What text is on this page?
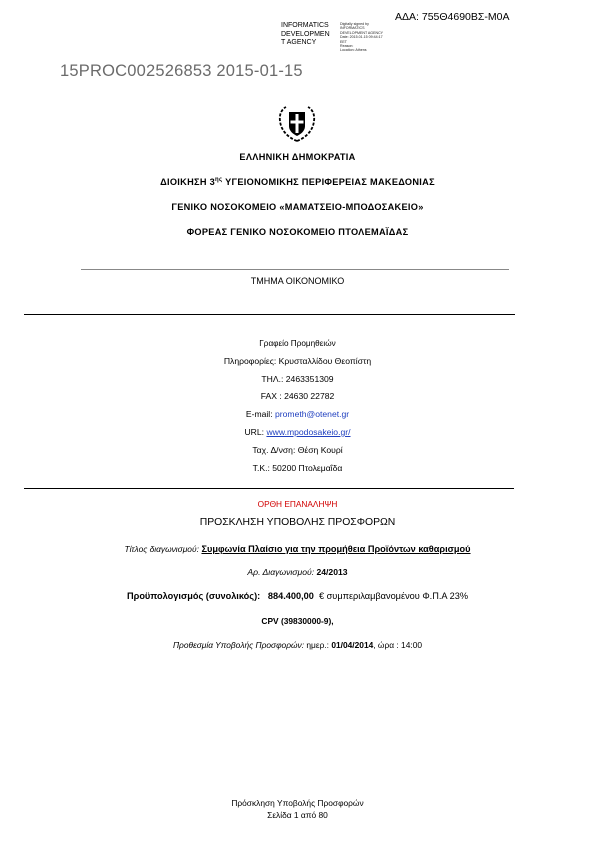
ΑΔΑ: 755Θ4690ΒΣ-Μ0Α
INFORMATICS
DEVELOPMEN
T AGENCY
Digitally signed by
INFORMATICS
DEVELOPMENT AGENCY
Date: 2015.01.15 09:44:17
EET
Reason:
Location: Athens
15PROC002526853 2015-01-15
ΕΛΛΗΝΙΚΗ ΔΗΜΟΚΡΑΤΙΑ
ΔΙΟΙΚΗΣΗ $3^{\eta\varsigma}$ ΥΓΕΙΟΝΟΜΙΚΗΣ ΠΕΡΙΦΕΡΕΙΑΣ ΜΑΚΕΔΟΝΙΑΣ
ΓΕΝΙΚΟ ΝΟΣΟΚΟΜΕΙΟ «ΜΑΜΑΤΣΕΙΟ-ΜΠΟΔΟΣΑΚΕΙΟ»
ΦΟΡΕΑΣ ΓΕΝΙΚΟ ΝΟΣΟΚΟΜΕΙΟ ΠΤΟΛΕΜΑΪΔΑΣ
ΤΜΗΜΑ ΟΙΚΟΝΟΜΙΚΟ
Γραφείο Προμηθειών
Πληροφορίες: Κρυσταλλίδου Θεοπίστη
ΤΗΛ.: 2463351309
FAX : 24630 22782
E-mail: prometh@otenet.gr
URL: www.mpodosakeio.gr/
Ταχ. Δ/νση: Θέση Κουρί
Τ.Κ.: 50200 Πτολεμαΐδα
ΟΡΘΗ ΕΠΑΝΑΛΗΨΗ
ΠΡΟΣΚΛΗΣΗ ΥΠΟΒΟΛΗΣ ΠΡΟΣΦΟΡΩΝ
Τίτλος διαγωνισμού: Συμφωνία Πλαίσιο για την προμήθεια Προϊόντων καθαρισμού
Αρ. Διαγωνισμού: 24/2013
Προϋπολογισμός (συνολικός): 884.400,00 € συμπεριλαμβανομένου Φ.Π.Α 23%
CPV (39830000-9),
Προθεσμία Υποβολής Προσφορών: ημερ.: 01/04/2014, ώρα : 14:00
Πρόσκληση Υποβολής Προσφορών
Σελίδα 1 από 80
